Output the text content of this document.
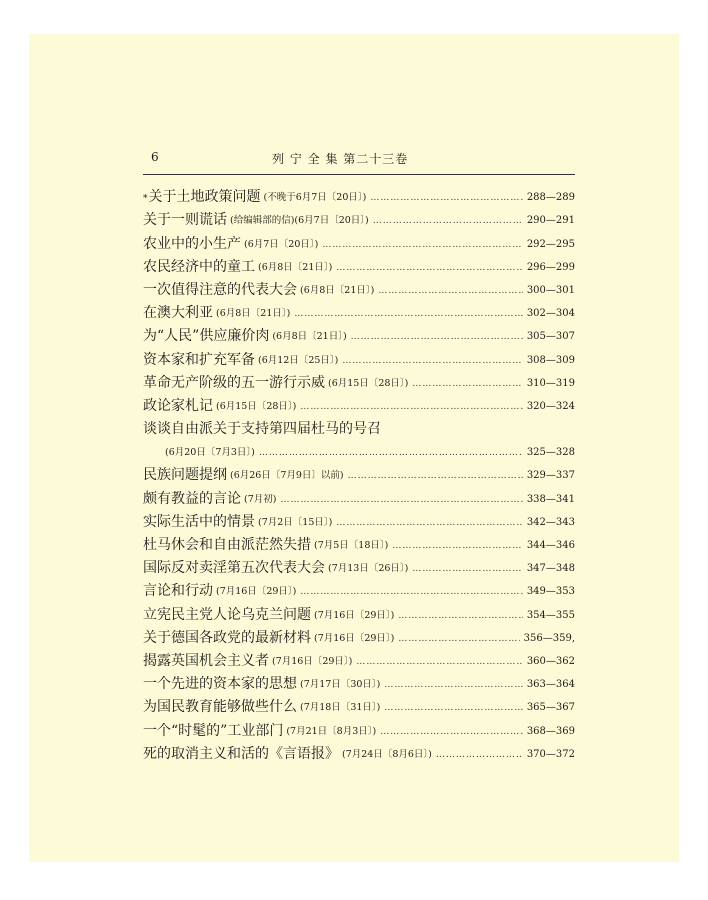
6	列 宁 全 集 第二十三卷
* 关于土地政策问题 (不晚于6月7日〔20日〕) …………………………………………………………………………………………………………………………………	288—289
关于一则谎话 (给编辑部的信)(6月7日〔20日〕) …………………………………………………………………………………………………………………………………	290—291
农业中的小生产 (6月7日〔20日〕) …………………………………………………………………………………………………………………………………	292—295
农民经济中的童工 (6月8日〔21日〕) …………………………………………………………………………………………………………………………………	296—299
一次值得注意的代表大会 (6月8日〔21日〕) …………………………………………………………………………………………………………………………………	300—301
在澳大利亚 (6月8日〔21日〕) …………………………………………………………………………………………………………………………………	302—304
为“人民”供应廉价肉 (6月8日〔21日〕) …………………………………………………………………………………………………………………………………	305—307
资本家和扩充军备 (6月12日〔25日〕) …………………………………………………………………………………………………………………………………	308—309
革命无产阶级的五一游行示威 (6月15日〔28日〕) …………………………………………………………………………………………………………………………………	310—319
政论家札记 (6月15日〔28日〕) …………………………………………………………………………………………………………………………………	320—324
谈谈自由派关于支持第四届杜马的号召
(6月20日〔7月3日〕) …………………………………………………………………………………………………………………………………	325—328
民族问题提纲 (6月26日〔7月9日〕以前) …………………………………………………………………………………………………………………………………	329—337
颇有教益的言论 (7月初) …………………………………………………………………………………………………………………………………	338—341
实际生活中的情景 (7月2日〔15日〕) …………………………………………………………………………………………………………………………………	342—343
杜马休会和自由派茫然失措 (7月5日〔18日〕) …………………………………………………………………………………………………………………………………	344—346
国际反对卖淫第五次代表大会 (7月13日〔26日〕) …………………………………………………………………………………………………………………………………	347—348
言论和行动 (7月16日〔29日〕) …………………………………………………………………………………………………………………………………	349—353
立宪民主党人论乌克兰问题 (7月16日〔29日〕) …………………………………………………………………………………………………………………………………	354—355
关于德国各政党的最新材料 (7月16日〔29日〕) …………………………………………………………………………………………………………………………………	356—359,
揭露英国机会主义者 (7月16日〔29日〕) …………………………………………………………………………………………………………………………………	360—362
一个先进的资本家的思想 (7月17日〔30日〕) …………………………………………………………………………………………………………………………………	363—364
为国民教育能够做些什么 (7月18日〔31日〕) …………………………………………………………………………………………………………………………………	365—367
一个“时髦的”工业部门 (7月21日〔8月3日〕) …………………………………………………………………………………………………………………………………	368—369
死的取消主义和活的《言语报》 (7月24日〔8月6日〕) …………………………………………………………………………………………………………………………………	370—372
